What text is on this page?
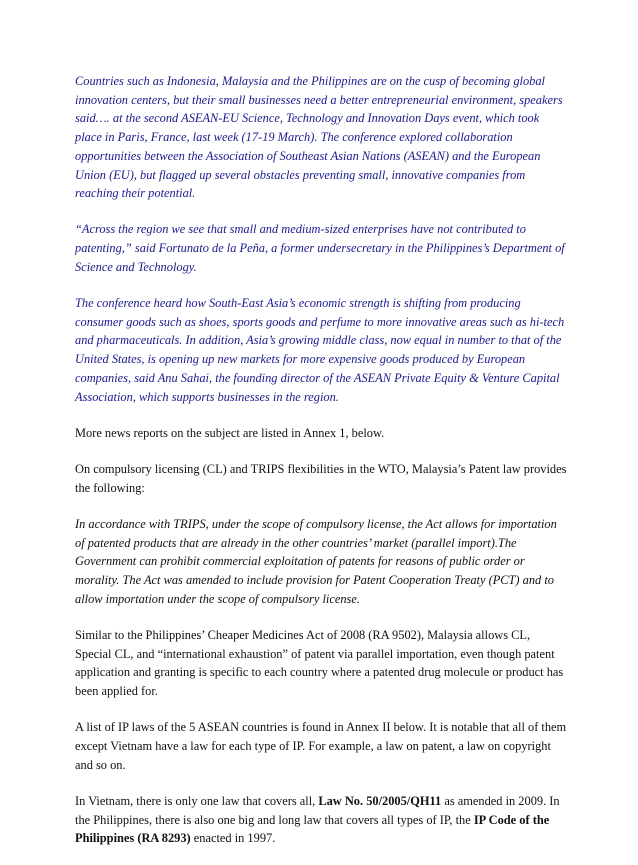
Countries such as Indonesia, Malaysia and the Philippines are on the cusp of becoming global innovation centers, but their small businesses need a better entrepreneurial environment, speakers said…. at the second ASEAN-EU Science, Technology and Innovation Days event, which took place in Paris, France, last week (17-19 March). The conference explored collaboration opportunities between the Association of Southeast Asian Nations (ASEAN) and the European Union (EU), but flagged up several obstacles preventing small, innovative companies from reaching their potential.

“Across the region we see that small and medium-sized enterprises have not contributed to patenting,” said Fortunato de la Peña, a former undersecretary in the Philippines’s Department of Science and Technology.

The conference heard how South-East Asia’s economic strength is shifting from producing consumer goods such as shoes, sports goods and perfume to more innovative areas such as hi-tech and pharmaceuticals. In addition, Asia’s growing middle class, now equal in number to that of the United States, is opening up new markets for more expensive goods produced by European companies, said Anu Sahai, the founding director of the ASEAN Private Equity & Venture Capital Association, which supports businesses in the region.

More news reports on the subject are listed in Annex 1, below.

On compulsory licensing (CL) and TRIPS flexibilities in the WTO, Malaysia’s Patent law provides the following:

In accordance with TRIPS, under the scope of compulsory license, the Act allows for importation of patented products that are already in the other countries’ market (parallel import).The Government can prohibit commercial exploitation of patents for reasons of public order or morality. The Act was amended to include provision for Patent Cooperation Treaty (PCT) and to allow importation under the scope of compulsory license.

Similar to the Philippines’ Cheaper Medicines Act of 2008 (RA 9502), Malaysia allows CL, Special CL, and “international exhaustion” of patent via parallel importation, even though patent application and granting is specific to each country where a patented drug molecule or product has been applied for.

A list of IP laws of the 5 ASEAN countries is found in Annex II below. It is notable that all of them except Vietnam have a law for each type of IP. For example, a law on patent, a law on copyright and so on.

In Vietnam, there is only one law that covers all, Law No. 50/2005/QH11 as amended in 2009. In the Philippines, there is also one big and long law that covers all types of IP, the IP Code of the Philippines (RA 8293) enacted in 1997.
